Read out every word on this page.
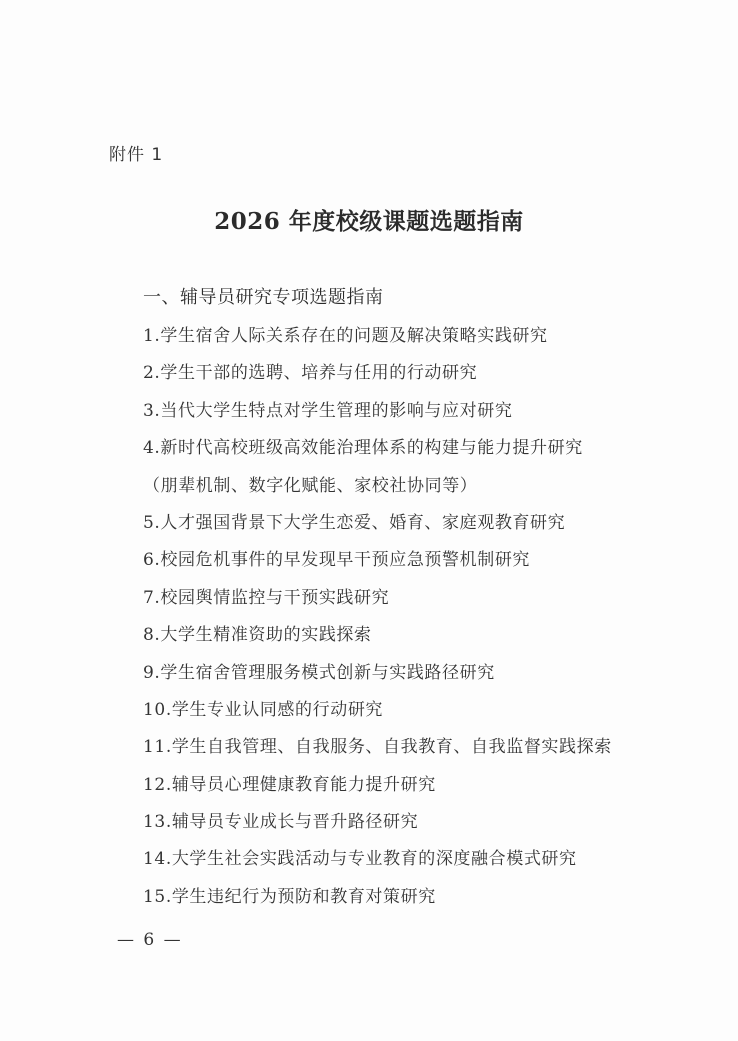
附件 1
2026 年度校级课题选题指南
一、辅导员研究专项选题指南
1.学生宿舍人际关系存在的问题及解决策略实践研究
2.学生干部的选聘、培养与任用的行动研究
3.当代大学生特点对学生管理的影响与应对研究
4.新时代高校班级高效能治理体系的构建与能力提升研究
（朋辈机制、数字化赋能、家校社协同等）
5.人才强国背景下大学生恋爱、婚育、家庭观教育研究
6.校园危机事件的早发现早干预应急预警机制研究
7.校园舆情监控与干预实践研究
8.大学生精准资助的实践探索
9.学生宿舍管理服务模式创新与实践路径研究
10.学生专业认同感的行动研究
11.学生自我管理、自我服务、自我教育、自我监督实践探索
12.辅导员心理健康教育能力提升研究
13.辅导员专业成长与晋升路径研究
14.大学生社会实践活动与专业教育的深度融合模式研究
15.学生违纪行为预防和教育对策研究
— 6 —
